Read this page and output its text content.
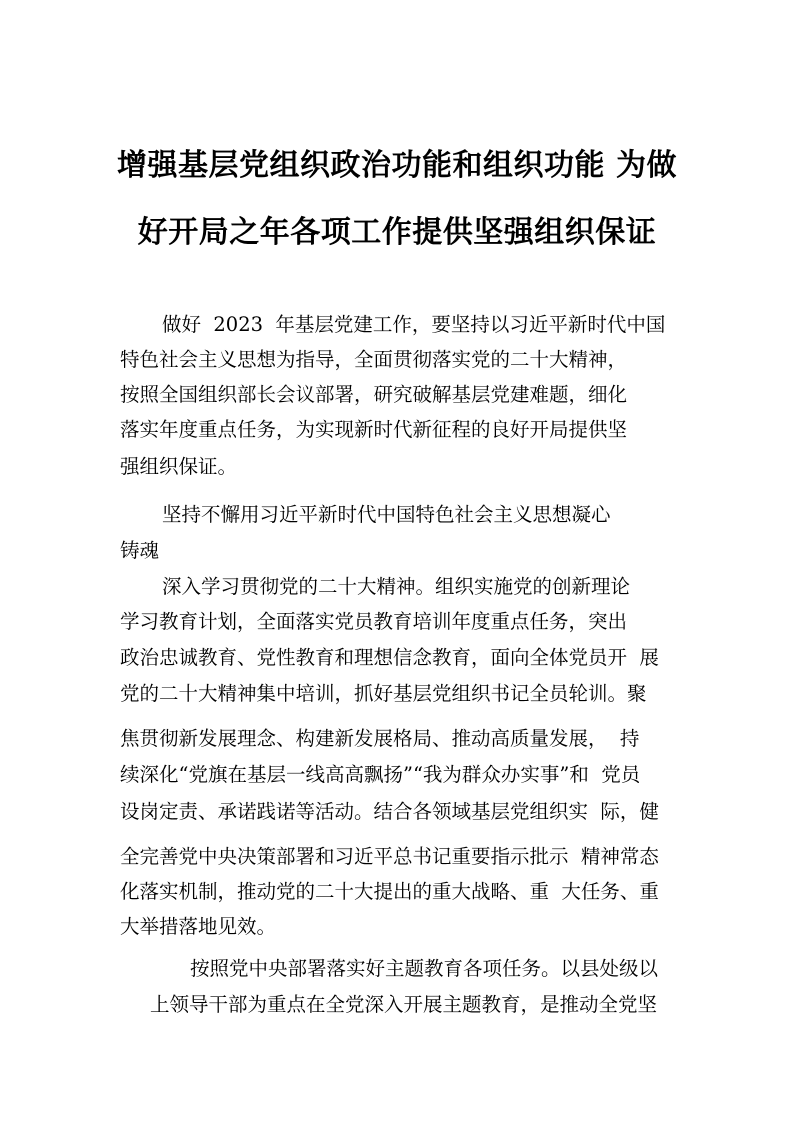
增强基层党组织政治功能和组织功能 为做
好开局之年各项工作提供坚强组织保证
做好  2023  年基层党建工作，要坚持以习近平新时代中国
特色社会主义思想为指导，全面贯彻落实党的二十大精神，
按照全国组织部长会议部署，研究破解基层党建难题，细化
落实年度重点任务，为实现新时代新征程的良好开局提供坚
强组织保证。
坚持不懈用习近平新时代中国特色社会主义思想凝心
铸魂
深入学习贯彻党的二十大精神。组织实施党的创新理论
学习教育计划，全面落实党员教育培训年度重点任务，突出
政治忠诚教育、党性教育和理想信念教育，面向全体党员开  展
党的二十大精神集中培训，抓好基层党组织书记全员轮训。聚
焦贯彻新发展理念、构建新发展格局、推动高质量发展，  持
续深化“党旗在基层一线高高飘扬”“我为群众办实事”和  党员
设岗定责、承诺践诺等活动。结合各领域基层党组织实  际，健
全完善党中央决策部署和习近平总书记重要指示批示  精神常态
化落实机制，推动党的二十大提出的重大战略、重  大任务、重
大举措落地见效。
按照党中央部署落实好主题教育各项任务。以县处级以
上领导干部为重点在全党深入开展主题教育，是推动全党坚
